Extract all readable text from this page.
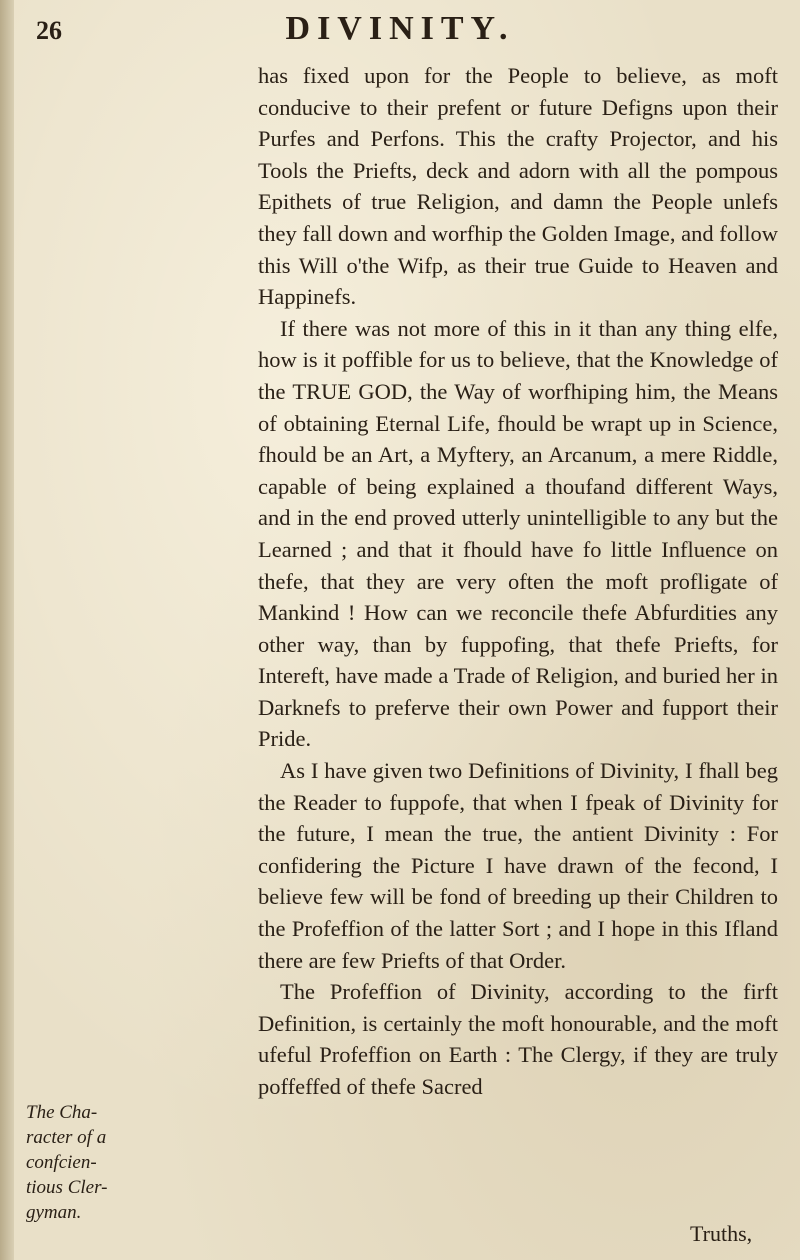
26	DIVINITY.

has fixed upon for the People to believe, as moft conducive to their prefent or future Defigns upon their Purfes and Perfons. This the crafty Projector, and his Tools the Priefts, deck and adorn with all the pompous Epithets of true Religion, and damn the People unlefs they fall down and worfhip the Golden Image, and follow this Will o'the Wifp, as their true Guide to Heaven and Happinefs.

If there was not more of this in it than any thing elfe, how is it poffible for us to believe, that the Knowledge of the TRUE GOD, the Way of worfhiping him, the Means of obtaining Eternal Life, fhould be wrapt up in Science, fhould be an Art, a Myftery, an Arcanum, a mere Riddle, capable of being explained a thoufand different Ways, and in the end proved utterly unintelligible to any but the Learned ; and that it fhould have fo little Influence on thefe, that they are very often the moft profligate of Mankind ! How can we reconcile thefe Abfurdities any other way, than by fuppofing, that thefe Priefts, for Intereft, have made a Trade of Religion, and buried her in Darknefs to preferve their own Power and fupport their Pride.

As I have given two Definitions of Divinity, I fhall beg the Reader to fuppofe, that when I fpeak of Divinity for the future, I mean the true, the antient Divinity : For confidering the Picture I have drawn of the fecond, I believe few will be fond of breeding up their Children to the Profeffion of the latter Sort ; and I hope in this Ifland there are few Priefts of that Order.

The Profeffion of Divinity, according to the firft Definition, is certainly the moft honourable, and the moft ufeful Profeffion on Earth : The Clergy, if they are truly poffeffed of thefe Sacred

The Cha-
racter of a
confcien-
tious Cler-
gyman.
Truths,
